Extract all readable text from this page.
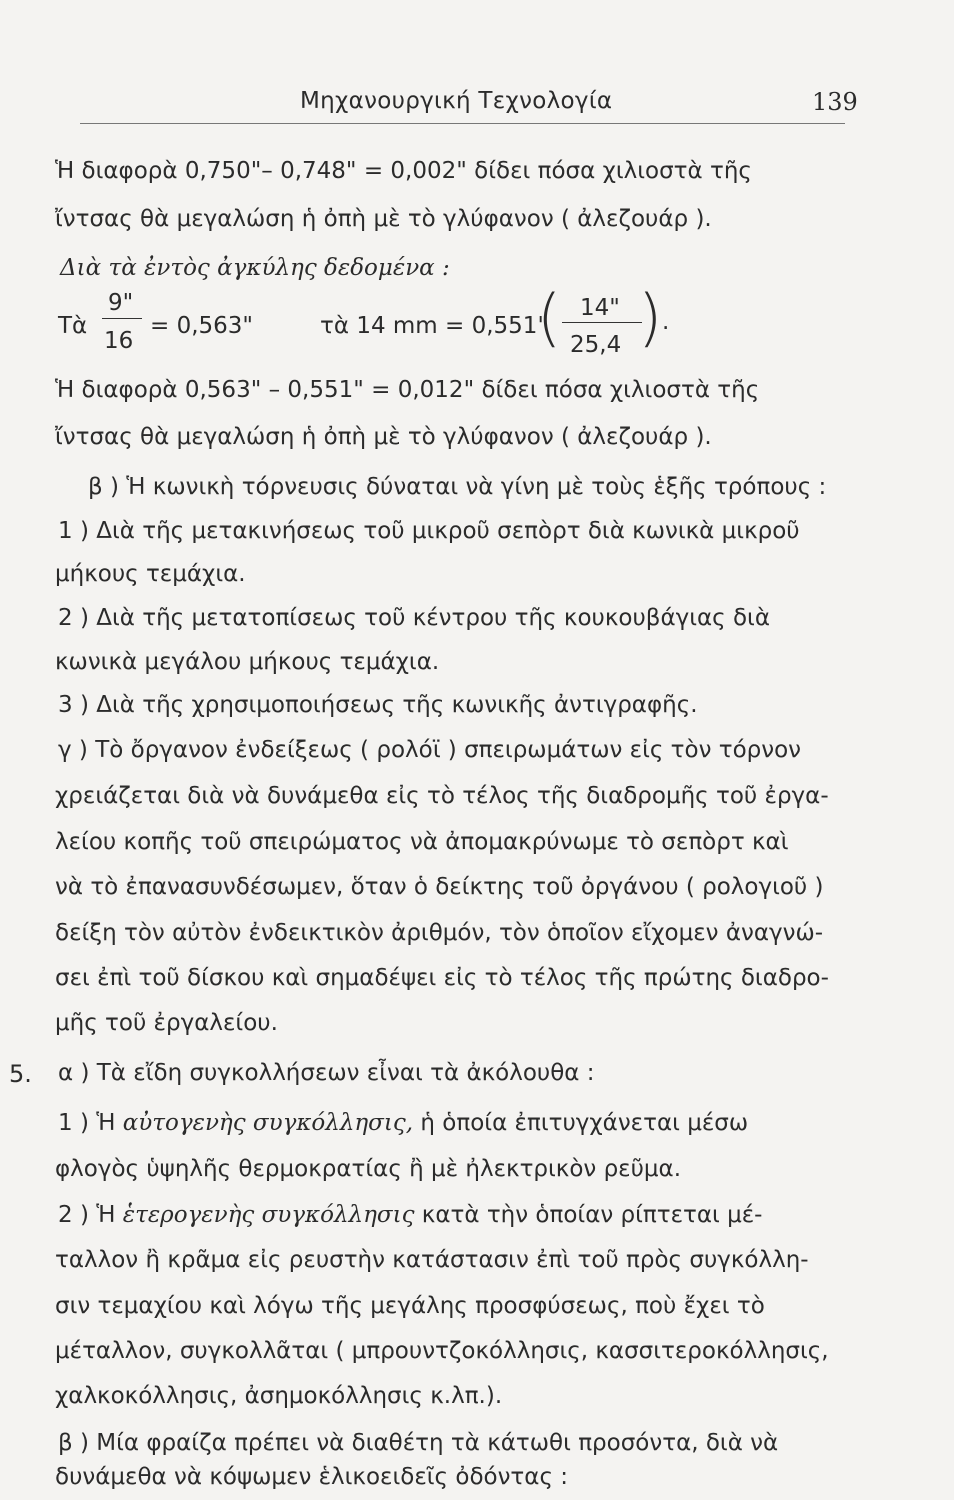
Μηχανουργική Τεχνολογία	139
Ἡ διαφορὰ 0,750"– 0,748" = 0,002" δίδει πόσα χιλιοστὰ τῆς
ἴντσας θὰ μεγαλώση ἡ ὀπὴ μὲ τὸ γλύφανον ( ἀλεζουάρ ).
Διὰ τὰ ἐντὸς ἀγκύλης δεδομένα :
Τὰ
9"
16
= 0,563"	τὰ 14 mm = 0,551"
( 14"
25,4 ) .
Ἡ διαφορὰ 0,563" – 0,551" = 0,012" δίδει πόσα χιλιοστὰ τῆς
ἴντσας θὰ μεγαλώση ἡ ὀπὴ μὲ τὸ γλύφανον ( ἀλεζουάρ ).
β ) Ἡ κωνικὴ τόρνευσις δύναται νὰ γίνη μὲ τοὺς ἑξῆς τρόπους :
1 ) Διὰ τῆς μετακινήσεως τοῦ μικροῦ σεπὸρτ διὰ κωνικὰ μικροῦ
μήκους τεμάχια.
2 ) Διὰ τῆς μετατοπίσεως τοῦ κέντρου τῆς κουκουβάγιας διὰ
κωνικὰ μεγάλου μήκους τεμάχια.
3 ) Διὰ τῆς χρησιμοποιήσεως τῆς κωνικῆς ἀντιγραφῆς.
γ ) Τὸ ὄργανον ἐνδείξεως ( ρολόϊ ) σπειρωμάτων εἰς τὸν τόρνον
χρειάζεται διὰ νὰ δυνάμεθα εἰς τὸ τέλος τῆς διαδρομῆς τοῦ ἐργα-
λείου κοπῆς τοῦ σπειρώματος νὰ ἀπομακρύνωμε τὸ σεπὸρτ καὶ
νὰ τὸ ἐπανασυνδέσωμεν, ὅταν ὁ δείκτης τοῦ ὀργάνου ( ρολογιοῦ )
δείξη τὸν αὐτὸν ἐνδεικτικὸν ἀριθμόν, τὸν ὁποῖον εἴχομεν ἀναγνώ-
σει ἐπὶ τοῦ δίσκου καὶ σημαδέψει εἰς τὸ τέλος τῆς πρώτης διαδρο-
μῆς τοῦ ἐργαλείου.
5. α ) Τὰ εἴδη συγκολλήσεων εἶναι τὰ ἀκόλουθα :
1 ) Ἡ αὐτογενὴς συγκόλλησις, ἡ ὁποία ἐπιτυγχάνεται μέσω
φλογὸς ὑψηλῆς θερμοκρατίας ἢ μὲ ἠλεκτρικὸν ρεῦμα.
2 ) Ἡ ἑτερογενὴς συγκόλλησις κατὰ τὴν ὁποίαν ρίπτεται μέ-
ταλλον ἢ κρᾶμα εἰς ρευστὴν κατάστασιν ἐπὶ τοῦ πρὸς συγκόλλη-
σιν τεμαχίου καὶ λόγω τῆς μεγάλης προσφύσεως, ποὺ ἔχει τὸ
μέταλλον, συγκολλᾶται ( μπρουντζοκόλλησις, κασσιτεροκόλλησις,
χαλκοκόλλησις, ἀσημοκόλλησις κ.λπ.).
β ) Μία φραίζα πρέπει νὰ διαθέτη τὰ κάτωθι προσόντα, διὰ νὰ
δυνάμεθα νὰ κόψωμεν ἑλικοειδεῖς ὀδόντας :
